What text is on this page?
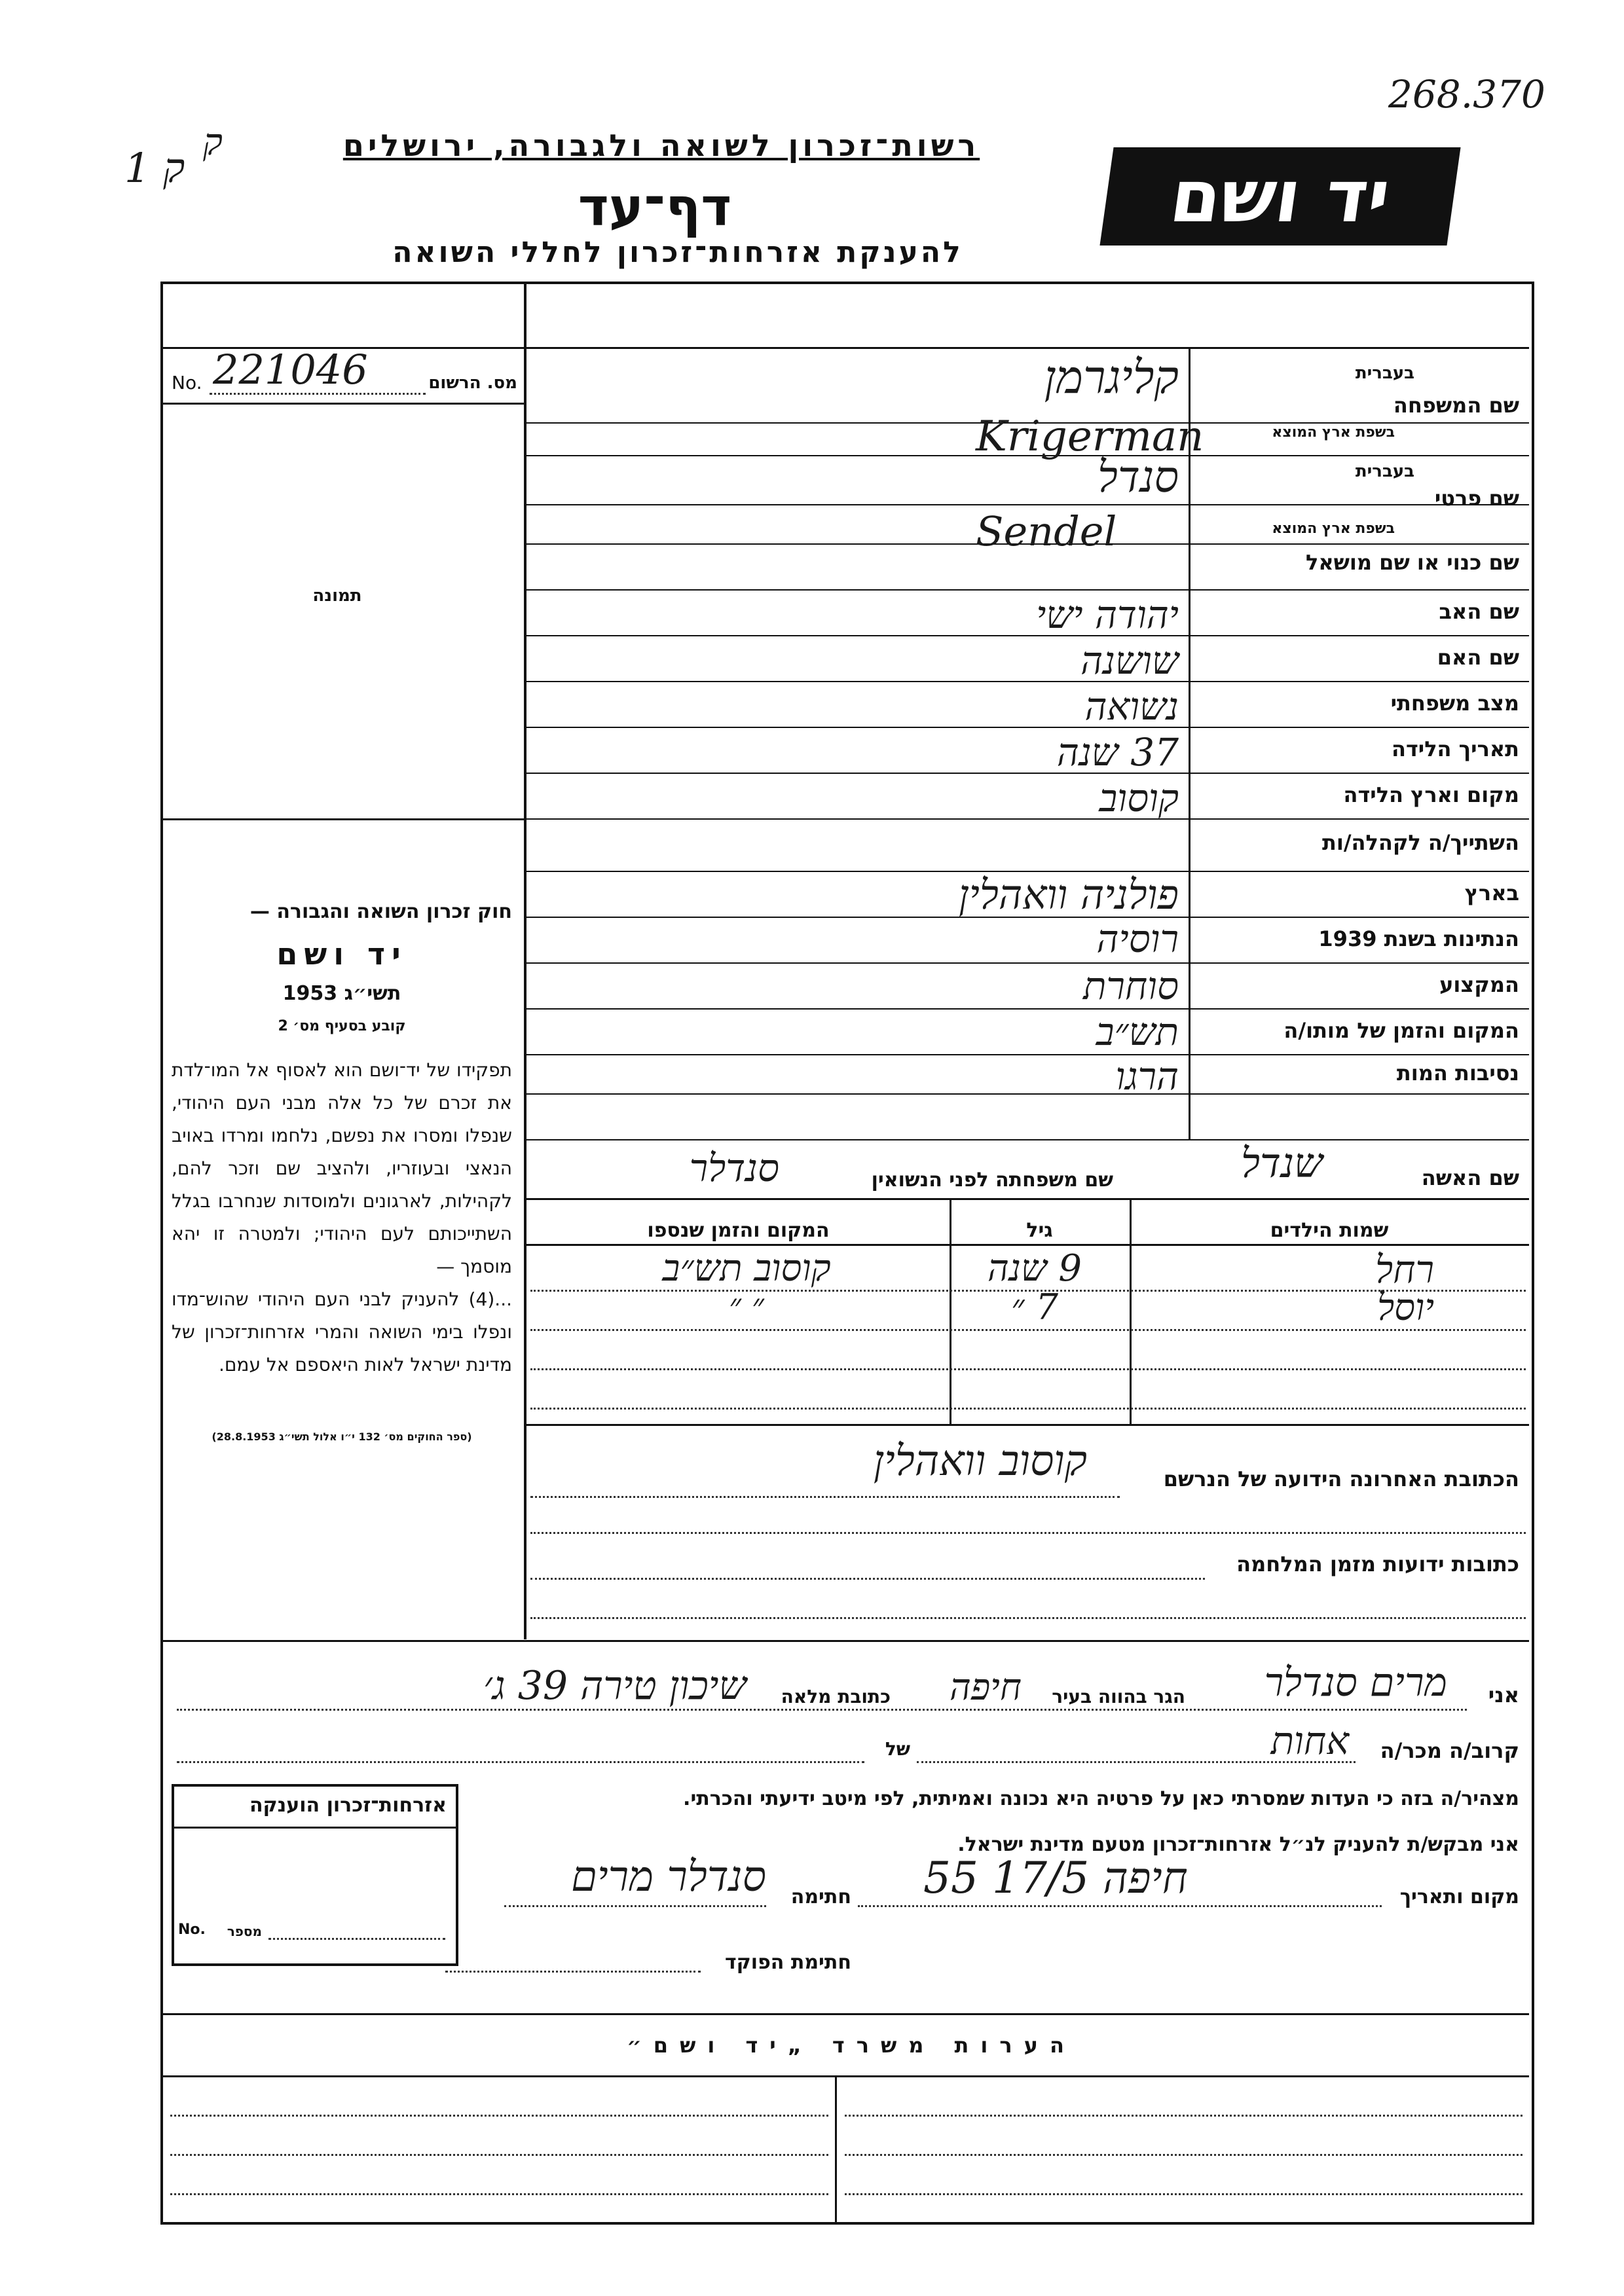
268.370
ק 1
ק	רשות־זכרון לשואה ולגבורה, ירושלים
דף־עד
להענקת אזרחות־זכרון לחללי השואה
יד ושם
מס. הרשום
No. 221046
תמונה
שם המשפחה
בעברית
בשפת ארץ המוצא
קליגרמן
Krigerman
שם פרטי
בעברית
בשפת ארץ המוצא
סנדל
Sendel
שם כנוי או שם מושאל
שם האב
יהודה ישי
שם האם
שושנה
מצב משפחתי
נשואה
תאריך הלידה
37 שנה
מקום וארץ הלידה
קוסוב
השתייך/ה לקהלה/ות
בארץ
פולניה וואהלין
הנתינות בשנת 1939
רוסיה
המקצוע
סוחרת
המקום והזמן של מותו/ה
תש״ב
נסיבות המות
הרגו
חוק זכרון השואה והגבורה —
יד ושם
תשי״ג 1953
קובע בסעיף מס׳ 2
תפקידו של יד־ושם הוא לאסוף אל המו־לדת את זכרם של כל אלה מבני העם היהודי, שנפלו ומסרו את נפשם, נלחמו ומרדו באויב הנאצי ובעוזריו, ולהציב שם וזכר להם, לקהילות, לארגונים ולמוסדות שנחרבו בגלל השתייכותם לעם היהודי; ולמטרה זו יהא מוסמך —
...(4) להעניק לבני העם היהודי שהוש־מדו ונפלו בימי השואה והמרי אזרחות־זכרון של מדינת ישראל לאות היאספם אל עמם.
(ספר החוקים מס׳ 132 י״ו אלול תשי״ג 28.8.1953)
שם האשה
שנדל
שם משפחתה לפני הנשואין
סנדלר
שמות הילדים
גיל
המקום והזמן שנספו
רחל
9 שנה
קוסוב תש״ב
יוסל
7 ״
״ ״
הכתובת האחרונה הידועה של הנרשם
קוסוב וואהלין
כתובות ידועות מזמן המלחמה
אני
מרים סנדלר
הגר בהווה בעיר
חיפה
כתובת מלאה
שיכון טירה 39 ג׳
קרוב/ה מכר/ה
אחות
של
מצהיר/ה בזה כי העדות שמסרתי כאן על פרטיה היא נכונה ואמיתית, לפי מיטב ידיעתי והכרתי.
אני מבקש/ת להעניק לנ״ל אזרחות־זכרון מטעם מדינת ישראל.
מקום ותאריך
חיפה 17/5 55
חתימה
סנדלר מרים
חתימת הפוקד
אזרחות־זכרון הוענקה
No.	מספר
הערות משרד „יד ושם״
